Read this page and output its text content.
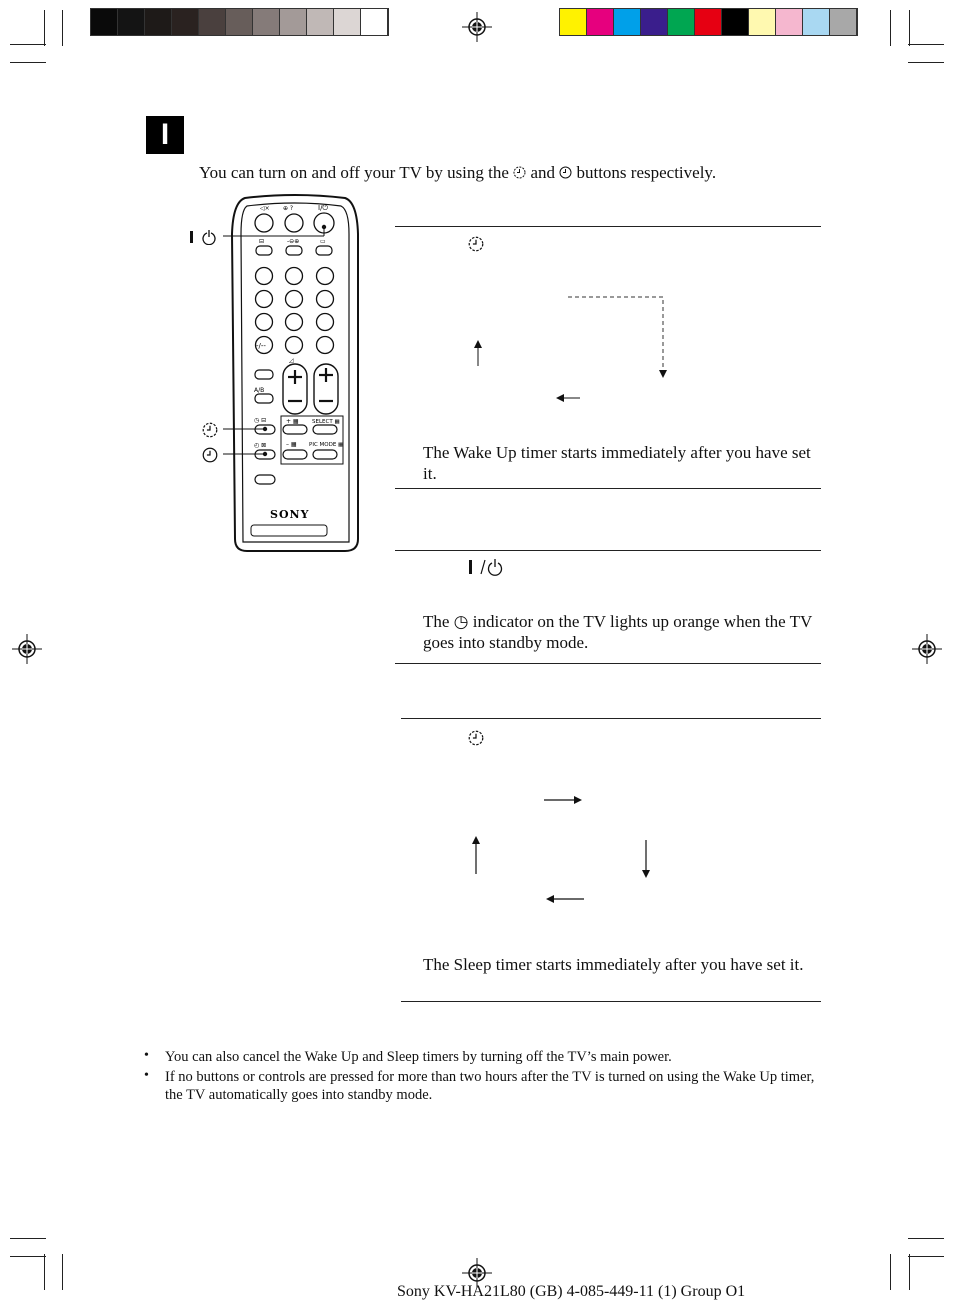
I
You can turn on and off your TV by using the and buttons respectively.
◁× ⊕ ?	I/⏻
⊟	-⊖⊕	▭
-/--
◿
A/B
◷ ⊟
◴ ⊠
+ ▦ SELECT ▦
– ▦ PIC MODE ▦
SONY
The Wake Up timer starts immediately after you have set it.
The ◷ indicator on the TV lights up orange when the TV goes into standby mode.
The Sleep timer starts immediately after you have set it.
• You can also cancel the Wake Up and Sleep timers by turning off the TV’s main power.
• If no buttons or controls are pressed for more than two hours after the TV is turned on using the Wake Up timer, the TV automatically goes into standby mode.
Sony KV-HA21L80 (GB) 4-085-449-11 (1) Group O1
